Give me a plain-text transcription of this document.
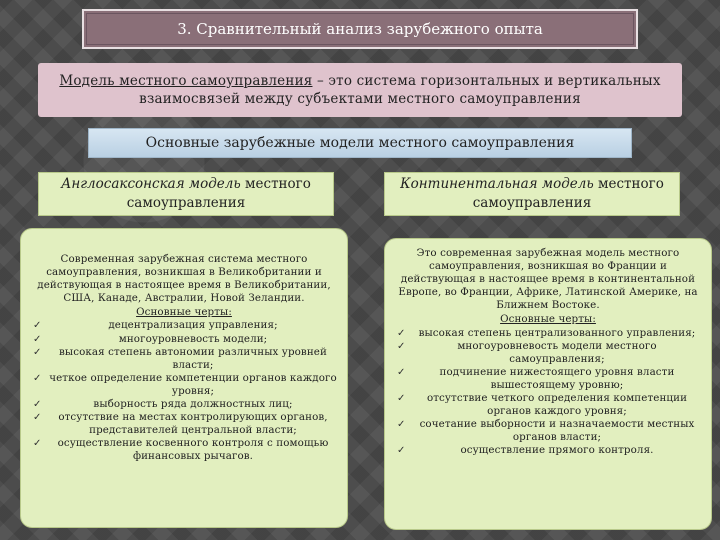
3. Сравнительный анализ зарубежного опыта
Модель местного самоуправления – это система горизонтальных и вертикальных взаимосвязей между субъектами местного самоуправления
Основные зарубежные модели местного самоуправления
Англосаксонская модель местного самоуправления
Континентальная модель местного самоуправления

Современная зарубежная система местного самоуправления, возникшая в Великобритании и действующая в настоящее время в Великобритании, США, Канаде, Австралии, Новой Зеландии.

Основные черты:

✓	децентрализация управления;
✓	многоуровневость модели;
✓	высокая степень автономии различных уровней власти;
✓ четкое определение компетенции органов каждого уровня;
✓	выборность ряда должностных лиц;
✓	отсутствие на местах контролирующих органов, представителей центральной власти;
✓	осуществление косвенного контроля с помощью финансовых рычагов.

Это современная зарубежная модель местного самоуправления, возникшая во Франции и действующая в настоящее время в континентальной Европе, во Франции, Африке, Латинской Америке, на Ближнем Востоке.

Основные черты:

✓	высокая степень централизованного управления;
✓	многоуровневость модели местного самоуправления;
✓	подчинение нижестоящего уровня власти вышестоящему уровню;
✓	отсутствие четкого определения компетенции органов каждого уровня;
✓	сочетание выборности и назначаемости местных органов власти;
✓	осуществление прямого контроля.
